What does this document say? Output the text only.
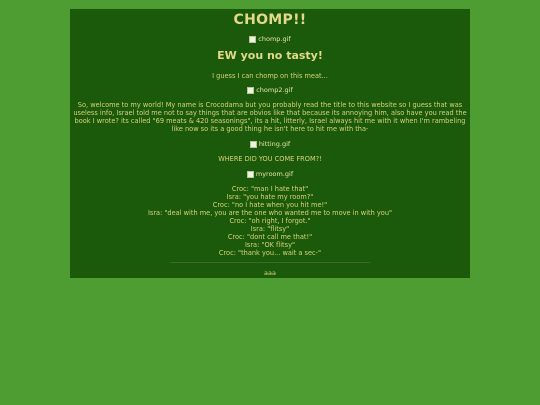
CHOMP!!
chomp.gif
EW you no tasty!
I guess I can chomp on this meat...
chomp2.gif
So, welcome to my world! My name is Crocodama but you probably read the title to this website so I guess that was useless info, Israel told me not to say things that are obvios like that because its annoying him, also have you read the book I wrote? its called "69 meats & 420 seasonings", its a hit, litterly, Israel always hit me with it when I'm rambeling like now so its a good thing he isn't here to hit me with tha-
hitting.gif
WHERE DID YOU COME FROM?!
myroom.gif
Croc: "man I hate that"
Isra: "you hate my room?"
Croc: "no I hate when you hit me!"
Isra: "deal with me, you are the one who wanted me to move in with you"
Croc: "oh right, I forgot."
Isra: "flitsy"
Croc: "dont call me that!"
Isra: "OK flitsy"
Croc: "thank you... wait a sec-"
aaa
